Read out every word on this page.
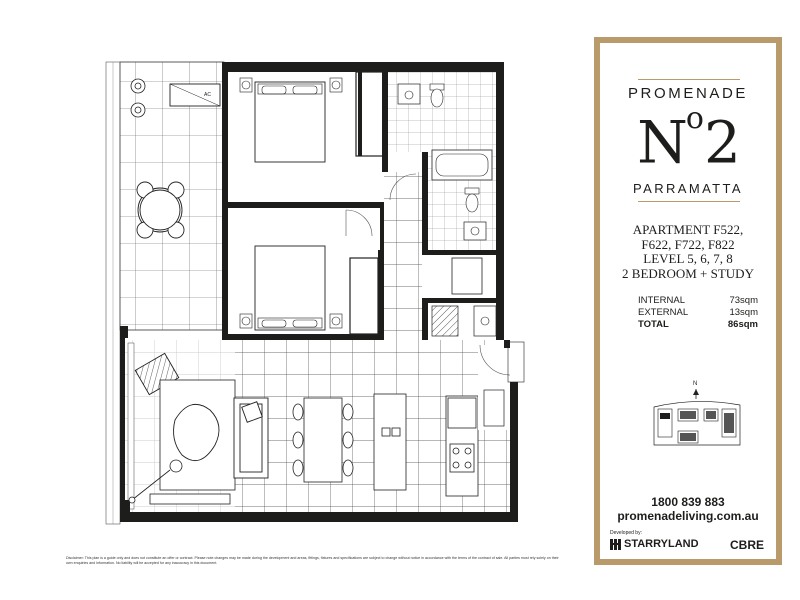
AC	PROMENADE
$N^o2$
PARRAMATTA
APARTMENT F522,
F622, F722, F822
LEVEL 5, 6, 7, 8
2 BEDROOM + STUDY
INTERNAL	73sqm
EXTERNAL	13sqm
TOTAL	86sqm
N
1800 839 883
promenadeliving.com.au
Developed by:
STARRYLAND	CBRE
Disclaimer: This plan is a guide only and does not constitute an offer or contract. Please note changes may be made during the development and areas, fittings, fixtures and specifications are subject to change without notice in accordance with the terms of the contract of sale. All parties must rely solely on their own enquiries and information. No liability will be accepted for any inaccuracy in this document.
